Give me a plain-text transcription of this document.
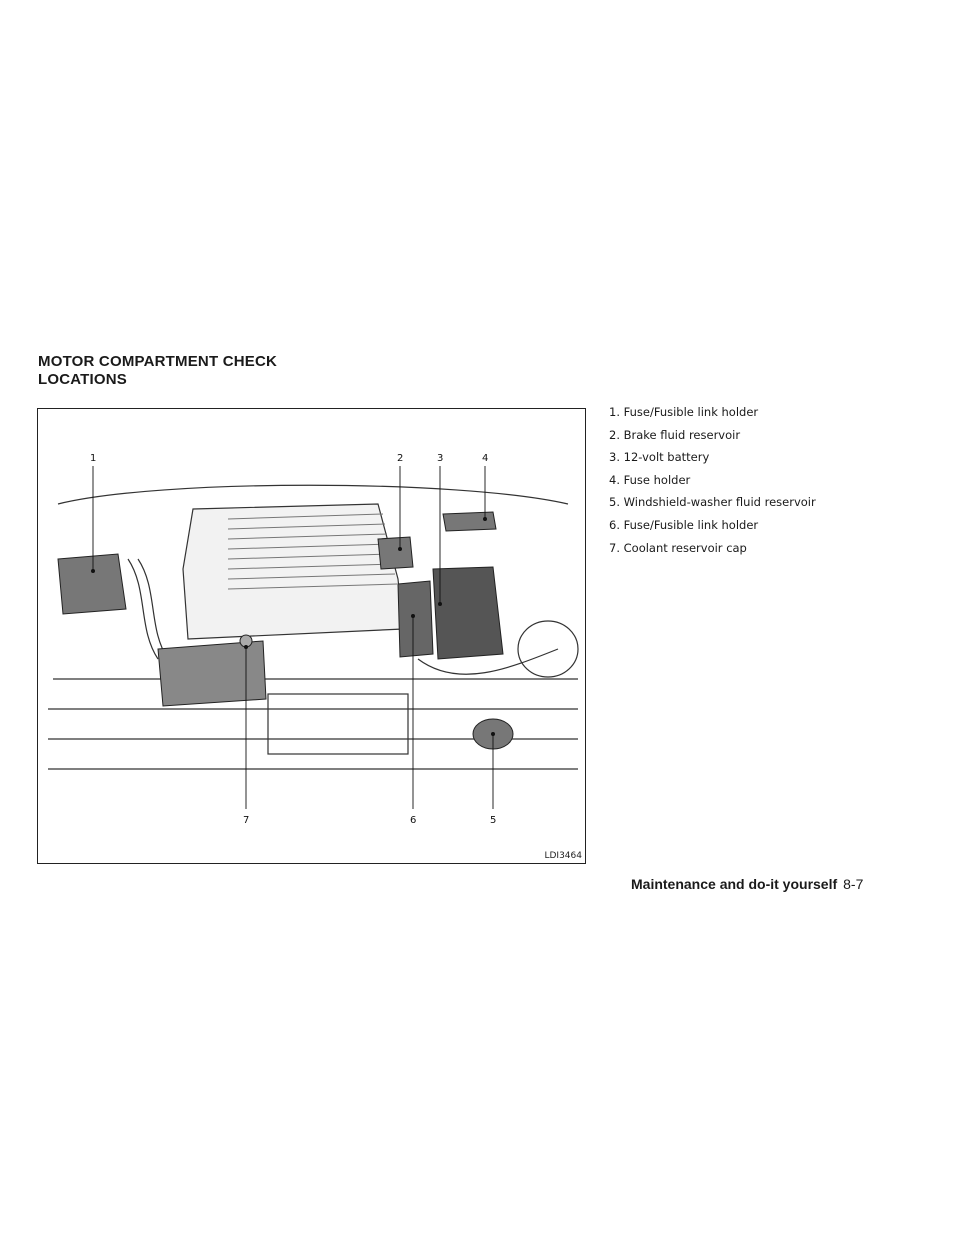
MOTOR COMPARTMENT CHECK
LOCATIONS
1	2	3	4
5
6
7
LDI3464
1. Fuse/Fusible link holder
2. Brake fluid reservoir
3. 12-volt battery
4. Fuse holder
5. Windshield-washer fluid reservoir
6. Fuse/Fusible link holder
7. Coolant reservoir cap
Maintenance and do-it yourself 8-7
